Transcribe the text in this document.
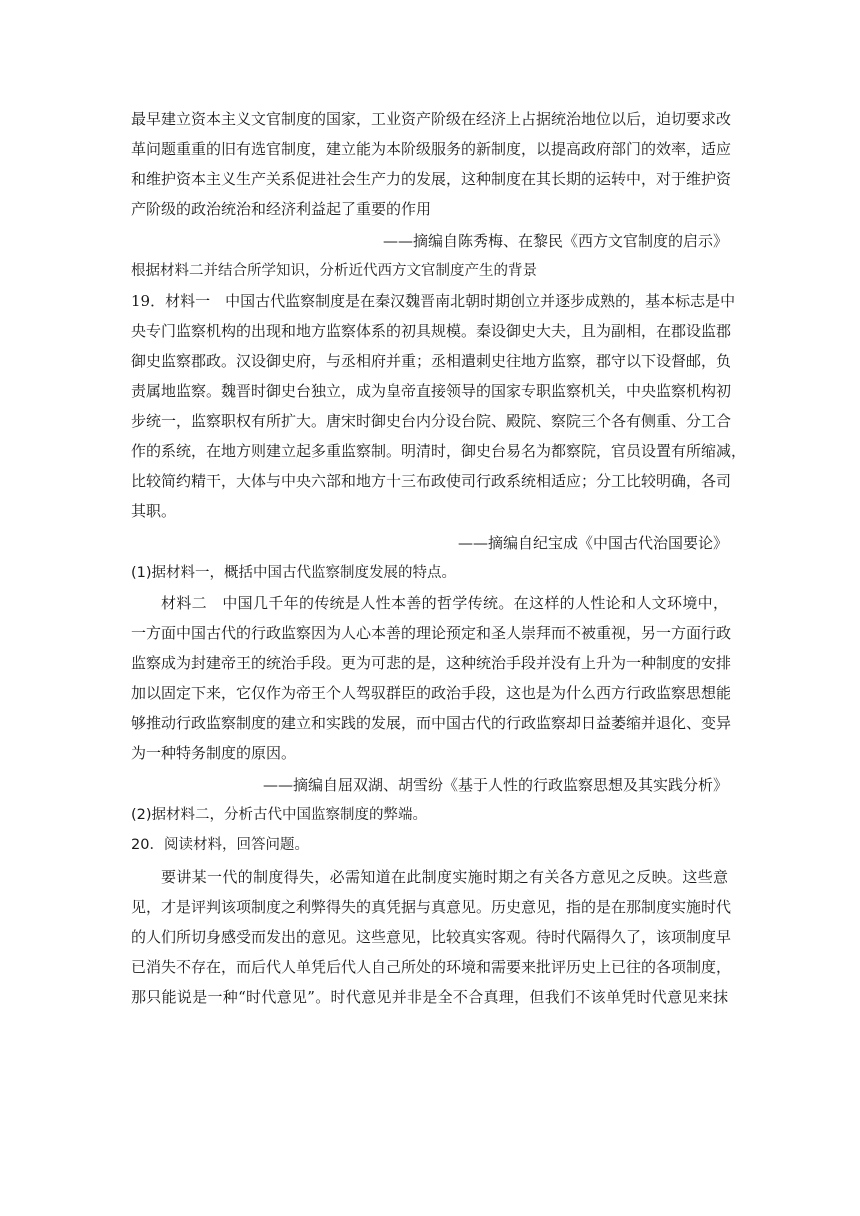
最早建立资本主义文官制度的国家，工业资产阶级在经济上占据统治地位以后，迫切要求改
革问题重重的旧有选官制度，建立能为本阶级服务的新制度，以提高政府部门的效率，适应
和维护资本主义生产关系促进社会生产力的发展，这种制度在其长期的运转中，对于维护资
产阶级的政治统治和经济利益起了重要的作用

——摘编自陈秀梅、在黎民《西方文官制度的启示》

根据材料二并结合所学知识，分析近代西方文官制度产生的背景

19．材料一　中国古代监察制度是在秦汉魏晋南北朝时期创立并逐步成熟的，基本标志是中
央专门监察机构的出现和地方监察体系的初具规模。秦设御史大夫，且为副相，在郡设监郡
御史监察郡政。汉设御史府，与丞相府并重；丞相遣刺史往地方监察，郡守以下设督邮，负
责属地监察。魏晋时御史台独立，成为皇帝直接领导的国家专职监察机关，中央监察机构初
步统一，监察职权有所扩大。唐宋时御史台内分设台院、殿院、察院三个各有侧重、分工合
作的系统，在地方则建立起多重监察制。明清时，御史台易名为都察院，官员设置有所缩减，
比较简约精干，大体与中央六部和地方十三布政使司行政系统相适应；分工比较明确，各司
其职。

——摘编自纪宝成《中国古代治国要论》

(1)据材料一，概括中国古代监察制度发展的特点。

材料二　中国几千年的传统是人性本善的哲学传统。在这样的人性论和人文环境中，
一方面中国古代的行政监察因为人心本善的理论预定和圣人崇拜而不被重视，另一方面行政
监察成为封建帝王的统治手段。更为可悲的是，这种统治手段并没有上升为一种制度的安排
加以固定下来，它仅作为帝王个人驾驭群臣的政治手段，这也是为什么西方行政监察思想能
够推动行政监察制度的建立和实践的发展，而中国古代的行政监察却日益萎缩并退化、变异
为一种特务制度的原因。

——摘编自屈双湖、胡雪纷《基于人性的行政监察思想及其实践分析》

(2)据材料二，分析古代中国监察制度的弊端。

20．阅读材料，回答问题。

要讲某一代的制度得失，必需知道在此制度实施时期之有关各方意见之反映。这些意
见，才是评判该项制度之利弊得失的真凭据与真意见。历史意见，指的是在那制度实施时代
的人们所切身感受而发出的意见。这些意见，比较真实客观。待时代隔得久了，该项制度早
已消失不存在，而后代人单凭后代人自己所处的环境和需要来批评历史上已往的各项制度，
那只能说是一种“时代意见”。时代意见并非是全不合真理，但我们不该单凭时代意见来抹
